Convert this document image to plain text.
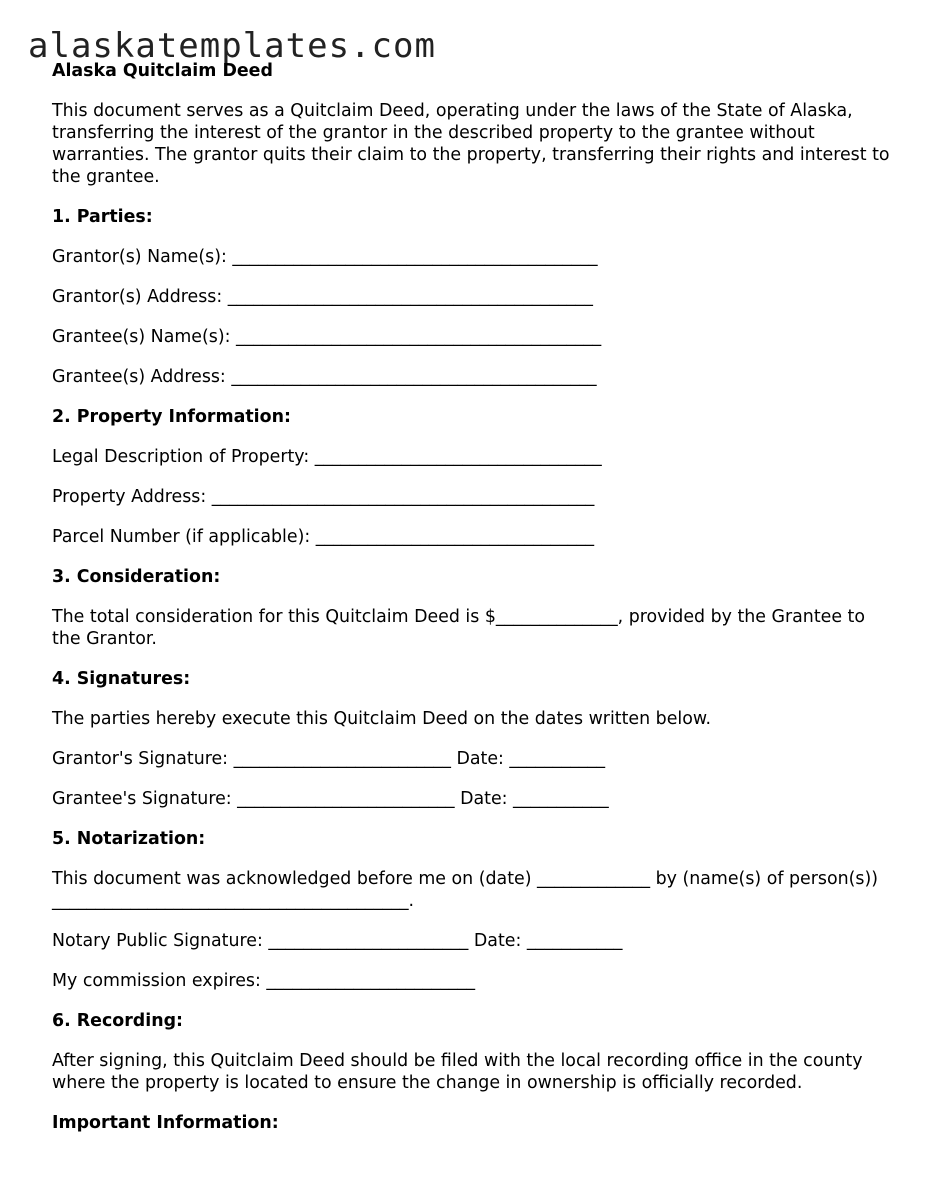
alaskatemplates.com
Alaska Quitclaim Deed
This document serves as a Quitclaim Deed, operating under the laws of the State of Alaska, transferring the interest of the grantor in the described property to the grantee without warranties. The grantor quits their claim to the property, transferring their rights and interest to the grantee.
1. Parties:
Grantor(s) Name(s): __________________________________________
Grantor(s) Address: __________________________________________
Grantee(s) Name(s): __________________________________________
Grantee(s) Address: __________________________________________
2. Property Information:
Legal Description of Property: _________________________________
Property Address: ____________________________________________
Parcel Number (if applicable): ________________________________
3. Consideration:
The total consideration for this Quitclaim Deed is $______________, provided by the Grantee to the Grantor.
4. Signatures:
The parties hereby execute this Quitclaim Deed on the dates written below.
Grantor's Signature: _________________________ Date: ___________
Grantee's Signature: _________________________ Date: ___________
5. Notarization:
This document was acknowledged before me on (date) _____________ by (name(s) of person(s)) _________________________________________.
Notary Public Signature: _______________________ Date: ___________
My commission expires: ________________________
6. Recording:
After signing, this Quitclaim Deed should be filed with the local recording office in the county where the property is located to ensure the change in ownership is officially recorded.
Important Information:
